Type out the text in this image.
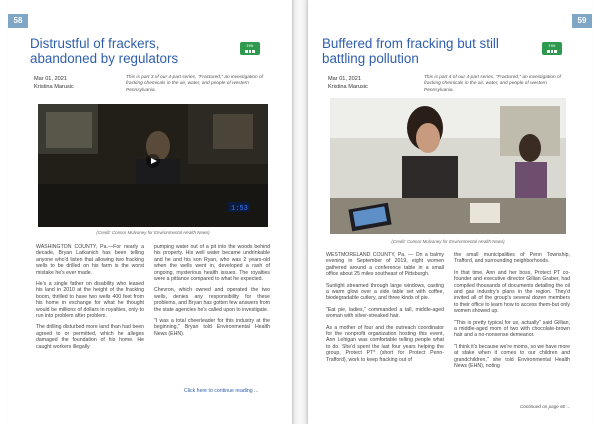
58
Distrustful of frackers, abandoned by regulators
EHN
Mar 01, 2021
Kristina Marusic
This is part 3 of our 4-part series, "Fractured," an investigation of fracking chemicals in the air, water, and people of western Pennsylvania.
1:53
(Credit: Connor Mulvaney for Environmental Health News)

WASHINGTON COUNTY, Pa.—For nearly a decade, Bryan Latkanich has been telling anyone who'd listen that allowing two fracking wells to be drilled on his farm is the worst mistake he's ever made.

He's a single father on disability who leased his land in 2010 at the height of the fracking boom, thrilled to have two wells 400 feet from his home in exchange for what he thought would be millions of dollars in royalties, only to run into problem after problem.

The drilling disturbed more land than had been agreed to or permitted, which he alleges damaged the foundation of his home. He caught workers illegally

pumping water out of a pit into the woods behind his property. His well water became undrinkable and he and his son Ryan, who was 2 years-old when the wells went in, developed a rash of ongoing, mysterious health issues. The royalties were a pittance compared to what he expected.

Chevron, which owned and operated the two wells, denies any responsibility for these problems, and Bryan has gotten few answers from the state agencies he's called upon to investigate.

"I was a total cheerleader for this industry at the beginning," Bryan told Environmental Health News (EHN).

Click here to continue reading ...
59
Buffered from fracking but still battling pollution
EHN
Mar 01, 2021
Kristina Marusic
This is part 4 of our 4-part series, "Fractured," an investigation of fracking chemicals in the air, water, and people of western Pennsylvania.
(Credit: Connor Mulvaney for Environmental Health News)

WESTMORELAND COUNTY, Pa. — On a balmy evening in September of 2019, eight women gathered around a conference table in a small office about 25 miles southeast of Pittsburgh.

Sunlight streamed through large windows, casting a warm glow over a side table set with coffee, biodegradable cutlery, and three kinds of pie.

"Eat pie, ladies," commanded a tall, middle-aged woman with silver-streaked hair.

As a mother of four and the outreach coordinator for the nonprofit organization hosting this event, Ann Lehigan was comfortable telling people what to do. She'd spent the last four years helping the group, Protect PT* (short for Protect Penn-Trafford), work to keep fracking out of

the small municipalities of Penn Township, Trafford, and surrounding neighborhoods.

In that time, Ann and her boss, Protect PT co-founder and executive director Gillian Graber, had compiled thousands of documents detailing the oil and gas industry's plans in the region. They'd invited all of the group's several dozen members to their office to learn how to access them-but only women showed up.

"This is pretty typical for us, actually" said Gillian, a middle-aged mom of two with chocolate-brown hair and a no-nonsense demeanor.

"I think it's because we're moms, so we have more at stake when it comes to our children and grandchildren," she told Environmental Health News (EHN), noting

Continued on page 60 ...
